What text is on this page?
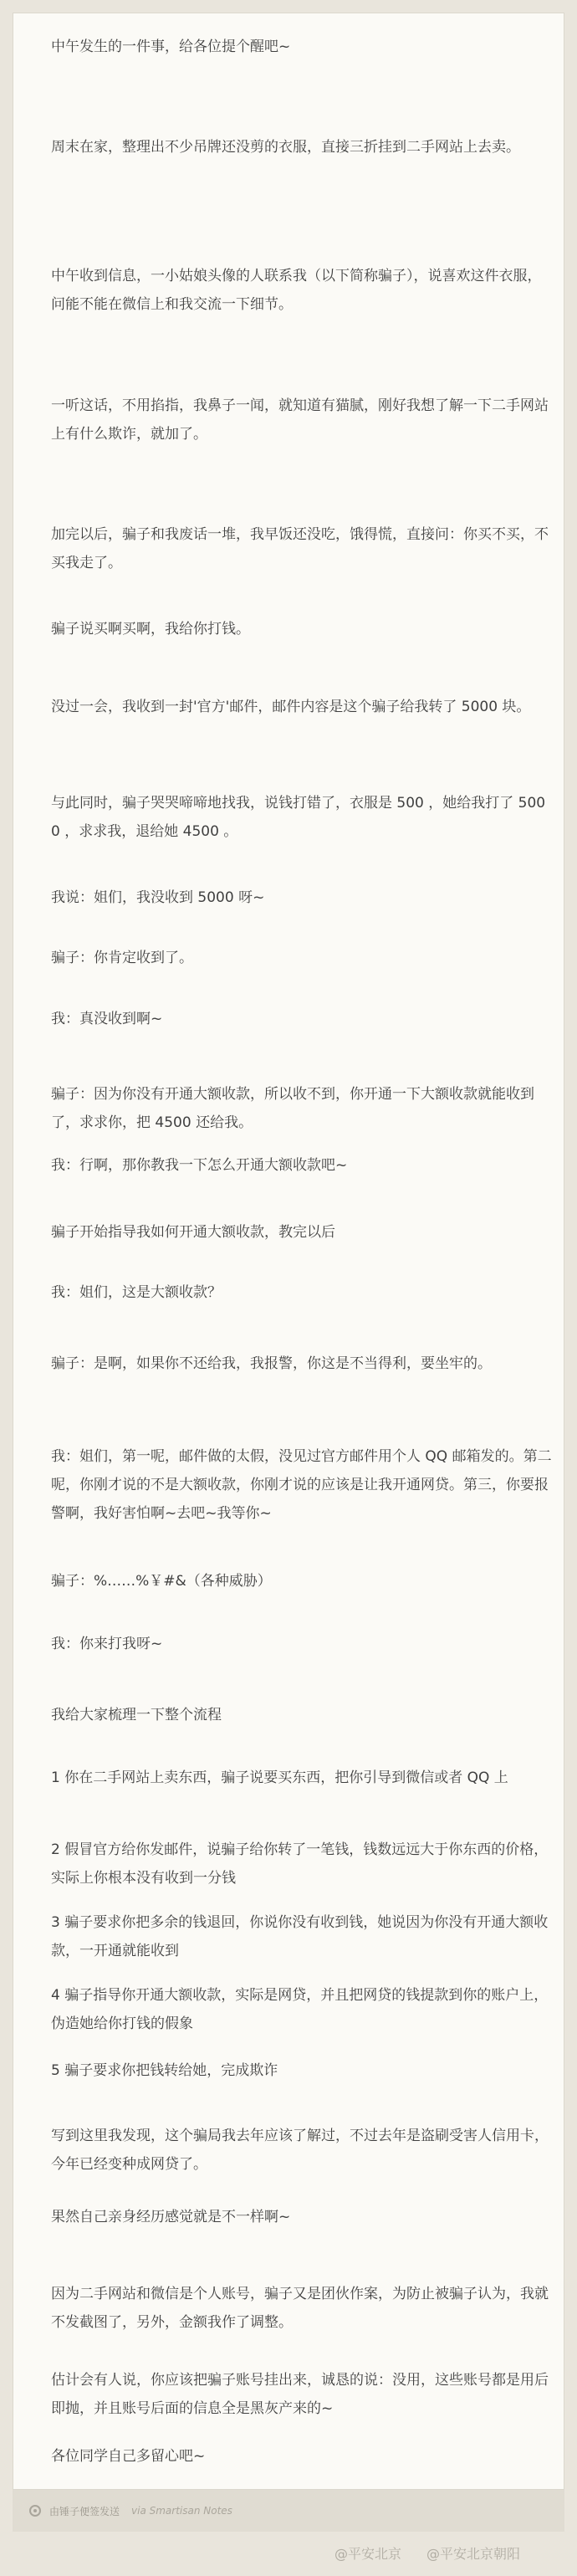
中午发生的一件事，给各位提个醒吧~

周末在家，整理出不少吊牌还没剪的衣服，直接三折挂到二手网站上去卖。

中午收到信息，一小姑娘头像的人联系我（以下简称骗子），说喜欢这件衣服，问能不能在微信上和我交流一下细节。

一听这话，不用掐指，我鼻子一闻，就知道有猫腻，刚好我想了解一下二手网站上有什么欺诈，就加了。

加完以后，骗子和我废话一堆，我早饭还没吃，饿得慌，直接问：你买不买，不买我走了。

骗子说买啊买啊，我给你打钱。

没过一会，我收到一封'官方'邮件，邮件内容是这个骗子给我转了 5000 块。

与此同时，骗子哭哭啼啼地找我，说钱打错了，衣服是 500 ，她给我打了 5000 ，求求我，退给她 4500 。

我说：姐们，我没收到 5000 呀~

骗子：你肯定收到了。

我：真没收到啊~

骗子：因为你没有开通大额收款，所以收不到，你开通一下大额收款就能收到了，求求你，把 4500 还给我。

我：行啊，那你教我一下怎么开通大额收款吧~

骗子开始指导我如何开通大额收款，教完以后

我：姐们，这是大额收款？

骗子：是啊，如果你不还给我，我报警，你这是不当得利，要坐牢的。

我：姐们，第一呢，邮件做的太假，没见过官方邮件用个人 QQ 邮箱发的。第二呢，你刚才说的不是大额收款，你刚才说的应该是让我开通网贷。第三，你要报警啊，我好害怕啊~去吧~我等你~

骗子：%……%￥#&（各种威胁）

我：你来打我呀~

我给大家梳理一下整个流程

1 你在二手网站上卖东西，骗子说要买东西，把你引导到微信或者 QQ 上

2 假冒官方给你发邮件，说骗子给你转了一笔钱，钱数远远大于你东西的价格，实际上你根本没有收到一分钱

3 骗子要求你把多余的钱退回，你说你没有收到钱，她说因为你没有开通大额收款，一开通就能收到

4 骗子指导你开通大额收款，实际是网贷，并且把网贷的钱提款到你的账户上，伪造她给你打钱的假象

5 骗子要求你把钱转给她，完成欺诈

写到这里我发现，这个骗局我去年应该了解过，不过去年是盗刷受害人信用卡，今年已经变种成网贷了。

果然自己亲身经历感觉就是不一样啊~

因为二手网站和微信是个人账号，骗子又是团伙作案，为防止被骗子认为，我就不发截图了，另外，金额我作了调整。

估计会有人说，你应该把骗子账号挂出来，诚恳的说：没用，这些账号都是用后即抛，并且账号后面的信息全是黑灰产来的~

各位同学自己多留心吧~

由锤子便签发送 via Smartisan Notes
@平安北京 @平安北京朝阳
